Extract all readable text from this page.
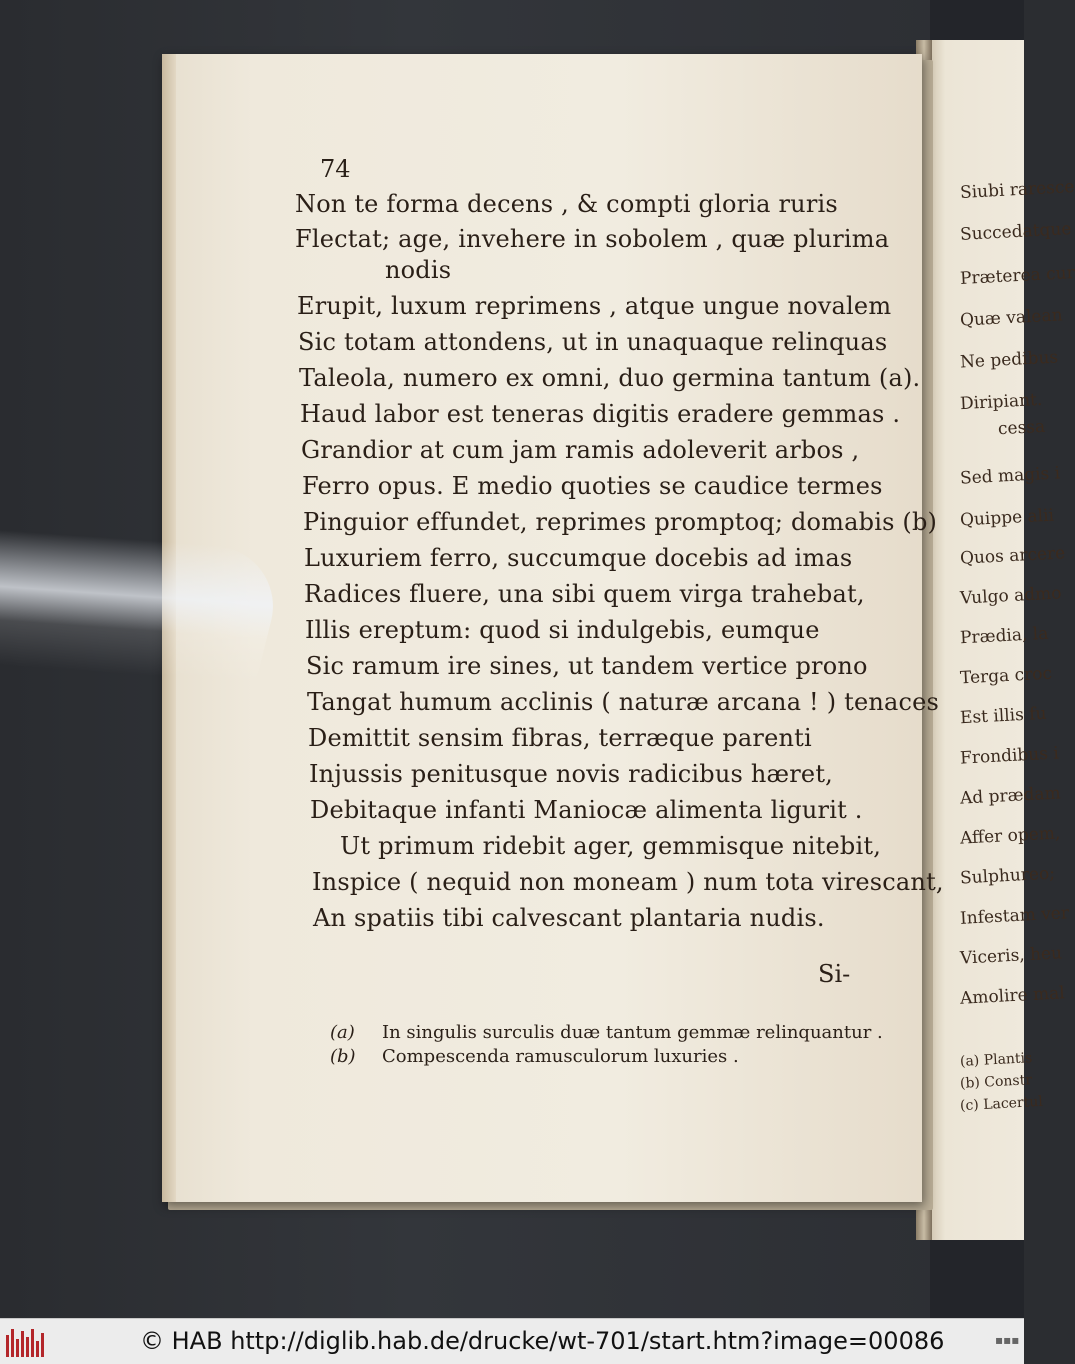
Siubi raresce
Succedatque
Præterea cur
Quæ valean
Ne pedibus
Diripiant.
cessa
Sed magis i
Quippe alii
Quos arcere
Vulgo admo
Prædia, la
Terga croc
Est illis fu
Frondibus i
Ad prædam
Affer opem,
Sulphureo;
Infestam ver
Viceris, heu
Amolire mal
(a) Plantis
(b) Constr
(c) Lacertul
74
Non te forma decens , & compti gloria ruris
Flectat; age, invehere in sobolem , quæ plurima
nodis
Erupit, luxum reprimens , atque ungue novalem
Sic totam attondens, ut in unaquaque relinquas
Taleola, numero ex omni, duo germina tantum (a).
Haud labor est teneras digitis eradere gemmas .
Grandior at cum jam ramis adoleverit arbos ,
Ferro opus. E medio quoties se caudice termes
Pinguior effundet, reprimes promptoq; domabis (b)
Luxuriem ferro, succumque docebis ad imas
Radices fluere, una sibi quem virga trahebat,
Illis ereptum: quod si indulgebis, eumque
Sic ramum ire sines, ut tandem vertice prono
Tangat humum acclinis ( naturæ arcana ! ) tenaces
Demittit sensim fibras, terræque parenti
Injussis penitusque novis radicibus hæret,
Debitaque infanti Maniocæ alimenta ligurit .
Ut primum ridebit ager, gemmisque nitebit,
Inspice ( nequid non moneam ) num tota virescant,
An spatiis tibi calvescant plantaria nudis.
Si-
(a) In singulis surculis duæ tantum gemmæ relinquantur .
(b) Compescenda ramusculorum luxuries .
© HAB http://diglib.hab.de/drucke/wt-701/start.htm?image=00086	▪▪▪
